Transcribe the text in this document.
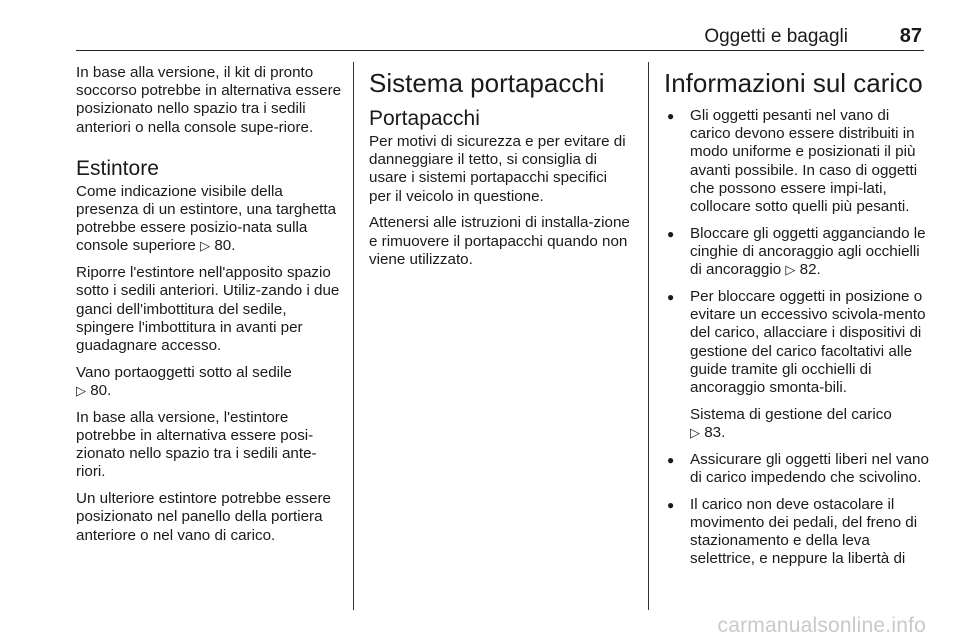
Oggetti e bagagli	87

In base alla versione, il kit di pronto soccorso potrebbe in alternativa essere posizionato nello spazio tra i sedili anteriori o nella console supe-riore.

Estintore

Come indicazione visibile della presenza di un estintore, una targhetta potrebbe essere posizio-nata sulla console superiore ▷ 80.

Riporre l'estintore nell'apposito spazio sotto i sedili anteriori. Utiliz-zando i due ganci dell'imbottitura del sedile, spingere l'imbottitura in avanti per guadagnare accesso.

Vano portaoggetti sotto al sedile
▷ 80.

In base alla versione, l'estintore potrebbe in alternativa essere posi-zionato nello spazio tra i sedili ante-riori.

Un ulteriore estintore potrebbe essere posizionato nel panello della portiera anteriore o nel vano di carico.

Sistema portapacchi
Portapacchi

Per motivi di sicurezza e per evitare di danneggiare il tetto, si consiglia di usare i sistemi portapacchi specifici per il veicolo in questione.

Attenersi alle istruzioni di installa-zione e rimuovere il portapacchi quando non viene utilizzato.

Informazioni sul carico
● Gli oggetti pesanti nel vano di carico devono essere distribuiti in modo uniforme e posizionati il più avanti possibile. In caso di oggetti che possono essere impi-lati, collocare sotto quelli più pesanti.
● Bloccare gli oggetti agganciando le cinghie di ancoraggio agli occhielli di ancoraggio ▷ 82.
● Per bloccare oggetti in posizione o evitare un eccessivo scivola-mento del carico, allacciare i dispositivi di gestione del carico facoltativi alle guide tramite gli occhielli di ancoraggio smonta-bili.
Sistema di gestione del carico
▷ 83.
● Assicurare gli oggetti liberi nel vano di carico impedendo che scivolino.
● Il carico non deve ostacolare il movimento dei pedali, del freno di stazionamento e della leva selettrice, e neppure la libertà di
carmanualsonline.info
